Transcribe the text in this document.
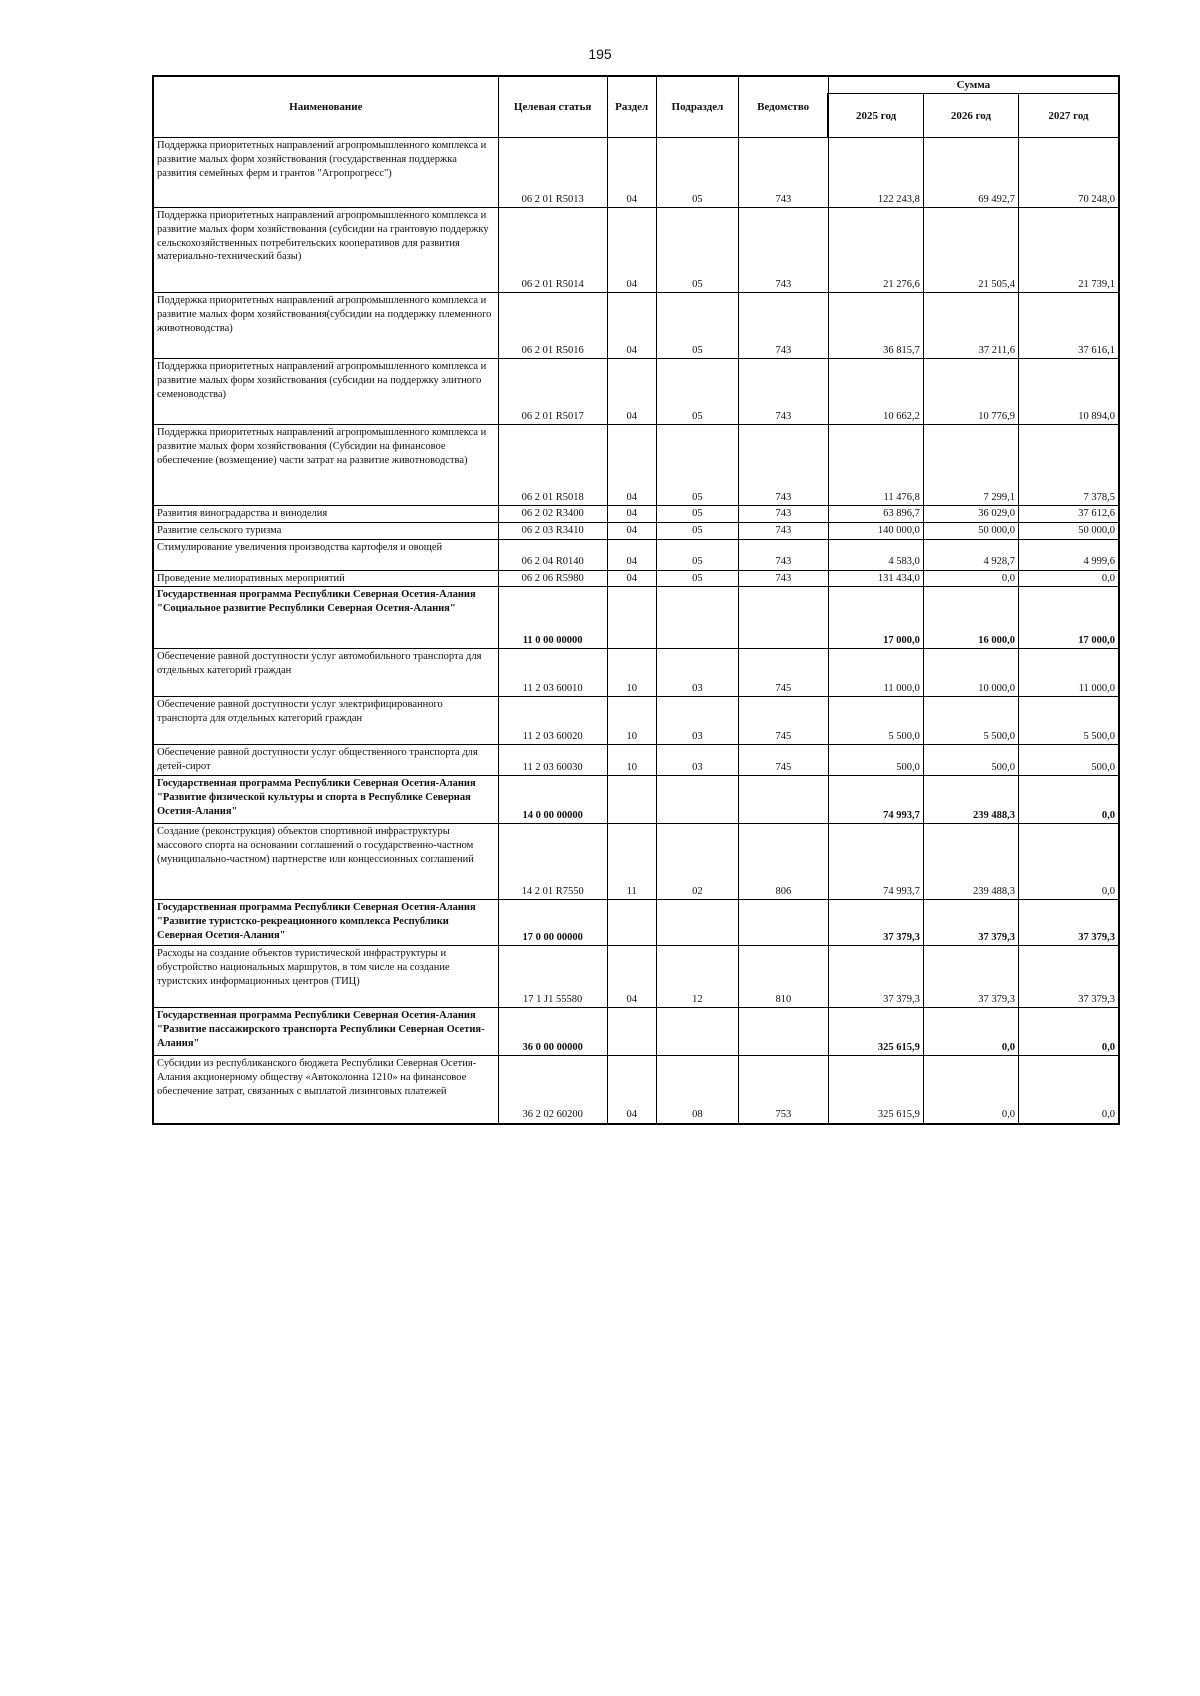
195
Наименование	Целевая статья	Раздел	Подраздел	Ведомство	Сумма		
					2025 год	2026 год	2027 год
Поддержка приоритетных направлений агропромышленного комплекса и развитие малых форм хозяйствования (государственная поддержка развития семейных ферм и грантов "Агропрогресс")	06 2 01 R5013	04	05	743	122 243,8	69 492,7	70 248,0
Поддержка приоритетных направлений агропромышленного комплекса и развитие малых форм хозяйствования (субсидии на грантовую поддержку сельскохозяйственных потребительских кооперативов для развития материально-технический базы)	06 2 01 R5014	04	05	743	21 276,6	21 505,4	21 739,1
Поддержка приоритетных направлений агропромышленного комплекса и развитие малых форм хозяйствования(субсидии на поддержку племенного животноводства)	06 2 01 R5016	04	05	743	36 815,7	37 211,6	37 616,1
Поддержка приоритетных направлений агропромышленного комплекса и развитие малых форм хозяйствования (субсидии на поддержку элитного семеноводства)	06 2 01 R5017	04	05	743	10 662,2	10 776,9	10 894,0
Поддержка приоритетных направлений агропромышленного комплекса и развитие малых форм хозяйствования (Субсидии на финансовое обеспечение (возмещение) части затрат на развитие животноводства)	06 2 01 R5018	04	05	743	11 476,8	7 299,1	7 378,5
Развития виноградарства и виноделия	06 2 02 R3400	04	05	743	63 896,7	36 029,0	37 612,6
Развитие сельского туризма	06 2 03 R3410	04	05	743	140 000,0	50 000,0	50 000,0
Стимулирование увеличения производства картофеля и овощей	06 2 04 R0140	04	05	743	4 583,0	4 928,7	4 999,6
Проведение мелиоративных мероприятий	06 2 06 R5980	04	05	743	131 434,0	0,0	0,0
Государственная программа Республики Северная Осетия-Алания "Социальное развитие Республики Северная Осетия-Алания"	11 0 00 00000				17 000,0	16 000,0	17 000,0
Обеспечение равной доступности услуг автомобильного транспорта для отдельных категорий граждан	11 2 03 60010	10	03	745	11 000,0	10 000,0	11 000,0
Обеспечение равной доступности услуг электрифицированного транспорта для отдельных категорий граждан	11 2 03 60020	10	03	745	5 500,0	5 500,0	5 500,0
Обеспечение равной доступности услуг общественного транспорта для детей-сирот	11 2 03 60030	10	03	745	500,0	500,0	500,0
Государственная программа Республики Северная Осетия-Алания "Развитие физической культуры и спорта в Республике Северная Осетия-Алания"	14 0 00 00000				74 993,7	239 488,3	0,0
Создание (реконструкция) объектов спортивной инфраструктуры массового спорта на основании соглашений о государственно-частном (муниципально-частном) партнерстве или концессионных соглашений	14 2 01 R7550	11	02	806	74 993,7	239 488,3	0,0
Государственная программа Республики Северная Осетия-Алания "Развитие туристско-рекреационного комплекса Республики Северная Осетия-Алания"	17 0 00 00000				37 379,3	37 379,3	37 379,3
Расходы на создание объектов туристической инфраструктуры и обустройство национальных маршрутов, в том числе на создание туристских информационных центров (ТИЦ)	17 1 J1 55580	04	12	810	37 379,3	37 379,3	37 379,3
Государственная программа Республики Северная Осетия-Алания "Развитие пассажирского транспорта Республики Северная Осетия-Алания"	36 0 00 00000				325 615,9	0,0	0,0
Субсидии из республиканского бюджета Республики Северная Осетия-Алания акционерному обществу «Автоколонна 1210» на финансовое обеспечение затрат, связанных с выплатой лизинговых платежей	36 2 02 60200	04	08	753	325 615,9	0,0	0,0
